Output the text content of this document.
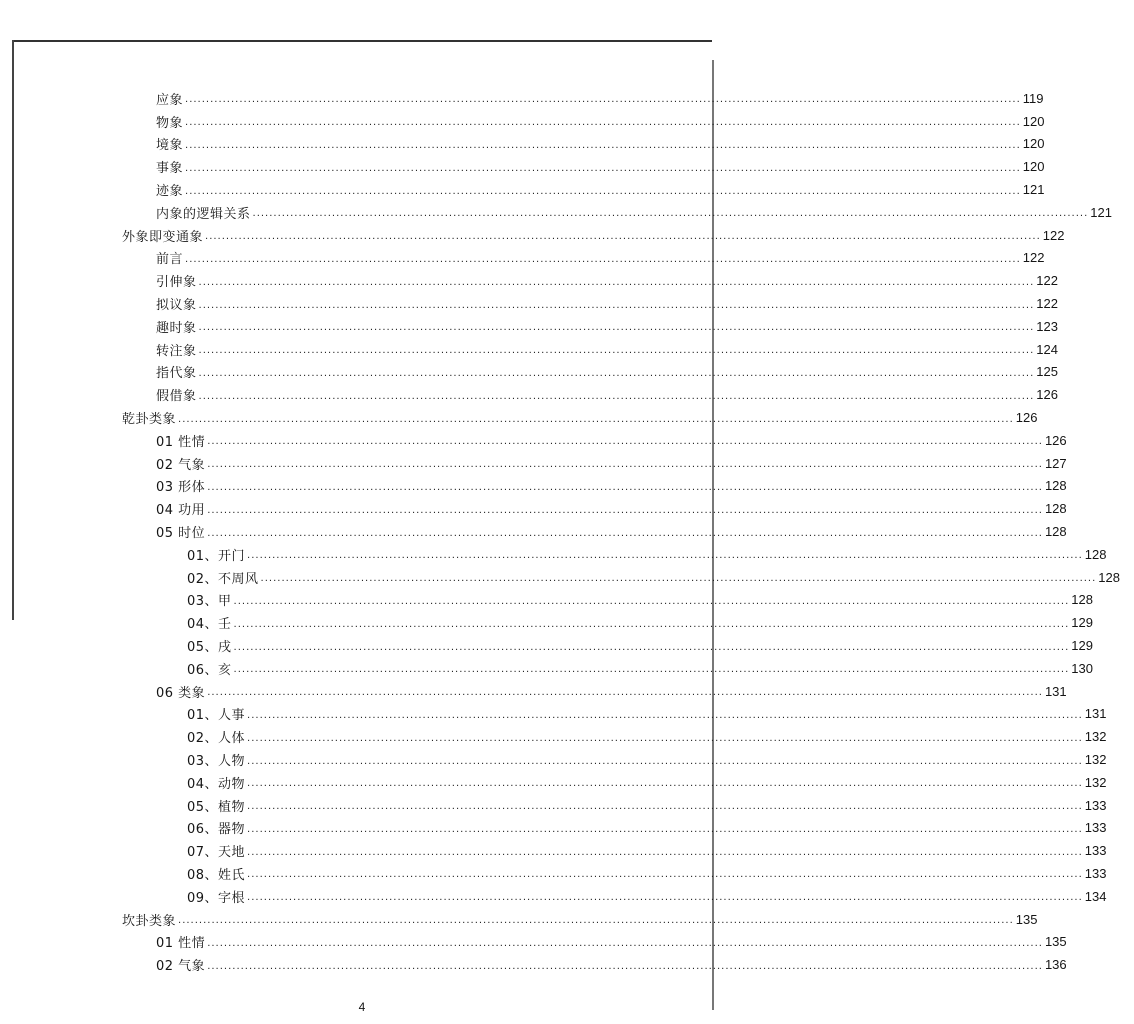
应象 ........................................................................................................................................................................................................ 119
物象 ........................................................................................................................................................................................................ 120
境象 ........................................................................................................................................................................................................ 120
事象 ........................................................................................................................................................................................................ 120
迹象 ........................................................................................................................................................................................................ 121
内象的逻辑关系 ........................................................................................................................................................................................................ 121
外象即变通象 ........................................................................................................................................................................................................ 122
前言 ........................................................................................................................................................................................................ 122
引伸象 ........................................................................................................................................................................................................ 122
拟议象 ........................................................................................................................................................................................................ 122
趣时象 ........................................................................................................................................................................................................ 123
转注象 ........................................................................................................................................................................................................ 124
指代象 ........................................................................................................................................................................................................ 125
假借象 ........................................................................................................................................................................................................ 126
乾卦类象 ........................................................................................................................................................................................................ 126
01 性情 ........................................................................................................................................................................................................ 126
02 气象 ........................................................................................................................................................................................................ 127
03 形体 ........................................................................................................................................................................................................ 128
04 功用 ........................................................................................................................................................................................................ 128
05 时位 ........................................................................................................................................................................................................ 128
01、开门 ........................................................................................................................................................................................................ 128
02、不周风 ........................................................................................................................................................................................................ 128
03、甲 ........................................................................................................................................................................................................ 128
04、壬 ........................................................................................................................................................................................................ 129
05、戌 ........................................................................................................................................................................................................ 129
06、亥 ........................................................................................................................................................................................................ 130
06 类象 ........................................................................................................................................................................................................ 131
01、人事 ........................................................................................................................................................................................................ 131
02、人体 ........................................................................................................................................................................................................ 132
03、人物 ........................................................................................................................................................................................................ 132
04、动物 ........................................................................................................................................................................................................ 132
05、植物 ........................................................................................................................................................................................................ 133
06、器物 ........................................................................................................................................................................................................ 133
07、天地 ........................................................................................................................................................................................................ 133
08、姓氏 ........................................................................................................................................................................................................ 133
09、字根 ........................................................................................................................................................................................................ 134
坎卦类象 ........................................................................................................................................................................................................ 135
01 性情 ........................................................................................................................................................................................................ 135
02 气象 ........................................................................................................................................................................................................ 136
4
